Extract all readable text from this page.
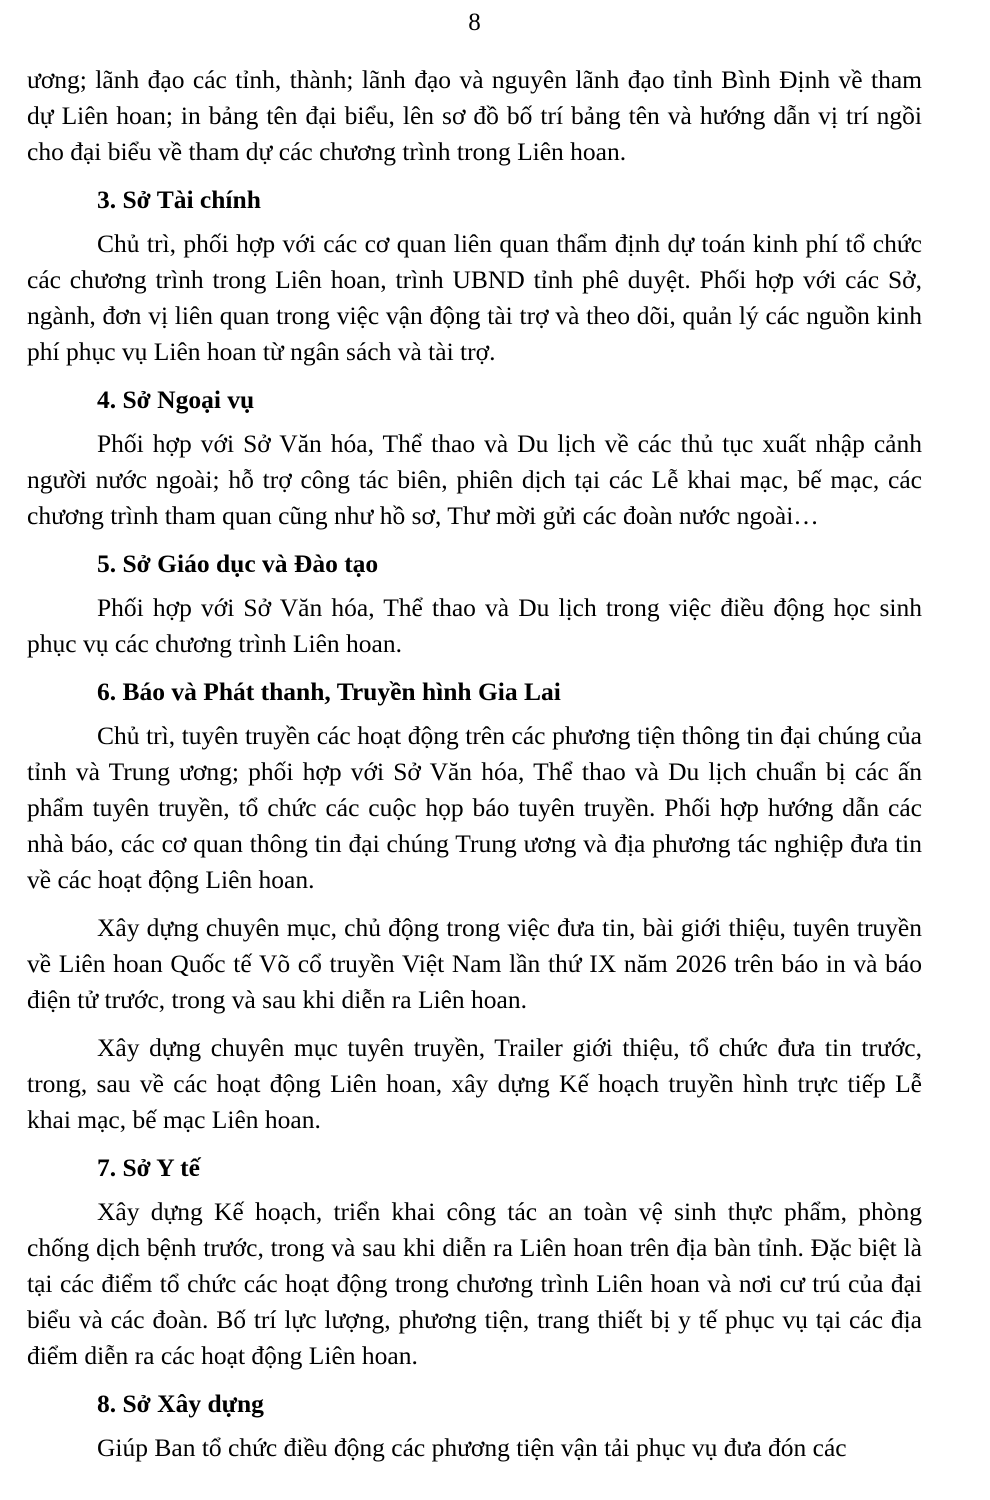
8

ương; lãnh đạo các tỉnh, thành; lãnh đạo và nguyên lãnh đạo tỉnh Bình Định về tham dự Liên hoan; in bảng tên đại biểu, lên sơ đồ bố trí bảng tên và hướng dẫn vị trí ngồi cho đại biểu về tham dự các chương trình trong Liên hoan.

3. Sở Tài chính

Chủ trì, phối hợp với các cơ quan liên quan thẩm định dự toán kinh phí tổ chức các chương trình trong Liên hoan, trình UBND tỉnh phê duyệt. Phối hợp với các Sở, ngành, đơn vị liên quan trong việc vận động tài trợ và theo dõi, quản lý các nguồn kinh phí phục vụ Liên hoan từ ngân sách và tài trợ.

4. Sở Ngoại vụ

Phối hợp với Sở Văn hóa, Thể thao và Du lịch về các thủ tục xuất nhập cảnh người nước ngoài; hỗ trợ công tác biên, phiên dịch tại các Lễ khai mạc, bế mạc, các chương trình tham quan cũng như hồ sơ, Thư mời gửi các đoàn nước ngoài…

5. Sở Giáo dục và Đào tạo

Phối hợp với Sở Văn hóa, Thể thao và Du lịch trong việc điều động học sinh phục vụ các chương trình Liên hoan.

6. Báo và Phát thanh, Truyền hình Gia Lai

Chủ trì, tuyên truyền các hoạt động trên các phương tiện thông tin đại chúng của tỉnh và Trung ương; phối hợp với Sở Văn hóa, Thể thao và Du lịch chuẩn bị các ấn phẩm tuyên truyền, tổ chức các cuộc họp báo tuyên truyền. Phối hợp hướng dẫn các nhà báo, các cơ quan thông tin đại chúng Trung ương và địa phương tác nghiệp đưa tin về các hoạt động Liên hoan.

Xây dựng chuyên mục, chủ động trong việc đưa tin, bài giới thiệu, tuyên truyền về Liên hoan Quốc tế Võ cổ truyền Việt Nam lần thứ IX năm 2026 trên báo in và báo điện tử trước, trong và sau khi diễn ra Liên hoan.

Xây dựng chuyên mục tuyên truyền, Trailer giới thiệu, tổ chức đưa tin trước, trong, sau về các hoạt động Liên hoan, xây dựng Kế hoạch truyền hình trực tiếp Lễ khai mạc, bế mạc Liên hoan.

7. Sở Y tế

Xây dựng Kế hoạch, triển khai công tác an toàn vệ sinh thực phẩm, phòng chống dịch bệnh trước, trong và sau khi diễn ra Liên hoan trên địa bàn tỉnh. Đặc biệt là tại các điểm tổ chức các hoạt động trong chương trình Liên hoan và nơi cư trú của đại biểu và các đoàn. Bố trí lực lượng, phương tiện, trang thiết bị y tế phục vụ tại các địa điểm diễn ra các hoạt động Liên hoan.

8. Sở Xây dựng

Giúp Ban tổ chức điều động các phương tiện vận tải phục vụ đưa đón các
